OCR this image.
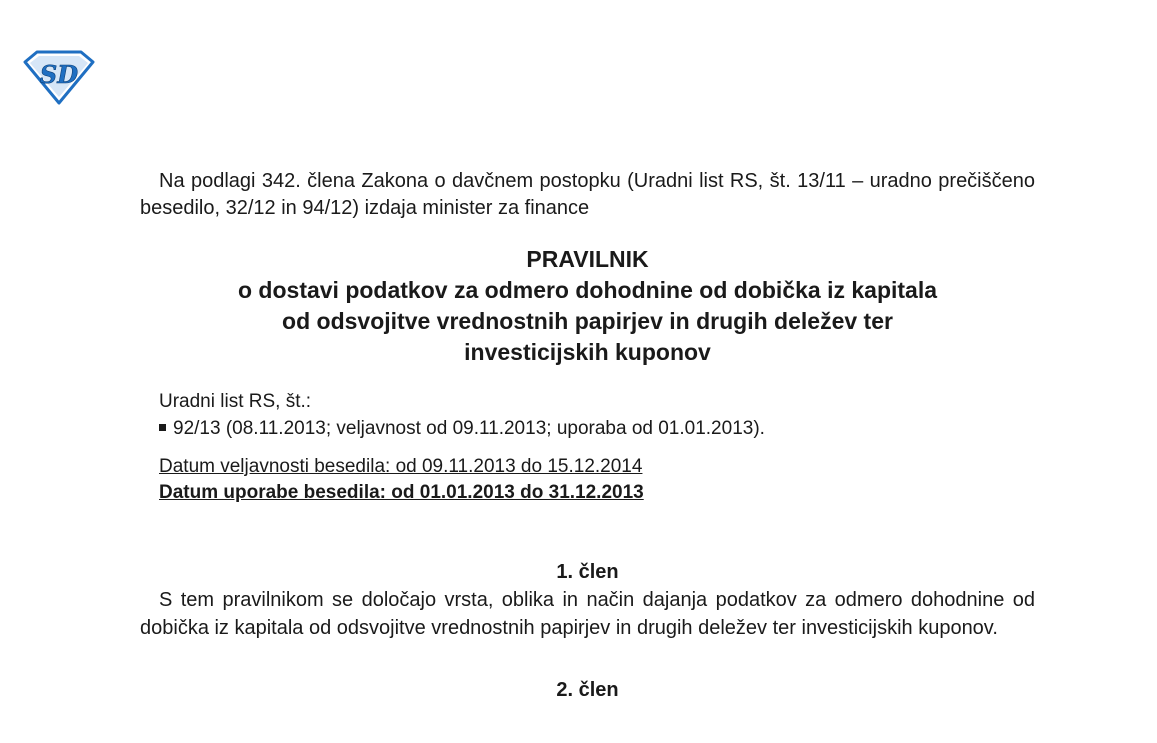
SD

Na podlagi 342. člena Zakona o davčnem postopku (Uradni list RS, št. 13/11 – uradno prečiščeno besedilo, 32/12 in 94/12) izdaja minister za finance

PRAVILNIK
o dostavi podatkov za odmero dohodnine od dobička iz kapitala
od odsvojitve vrednostnih papirjev in drugih deležev ter
investicijskih kuponov
Uradni list RS, št.:
92/13 (08.11.2013; veljavnost od 09.11.2013; uporaba od 01.01.2013).
Datum veljavnosti besedila: od 09.11.2013 do 15.12.2014
Datum uporabe besedila: od 01.01.2013 do 31.12.2013
1. člen

S tem pravilnikom se določajo vrsta, oblika in način dajanja podatkov za odmero dohodnine od dobička iz kapitala od odsvojitve vrednostnih papirjev in drugih deležev ter investicijskih kuponov.

2. člen
